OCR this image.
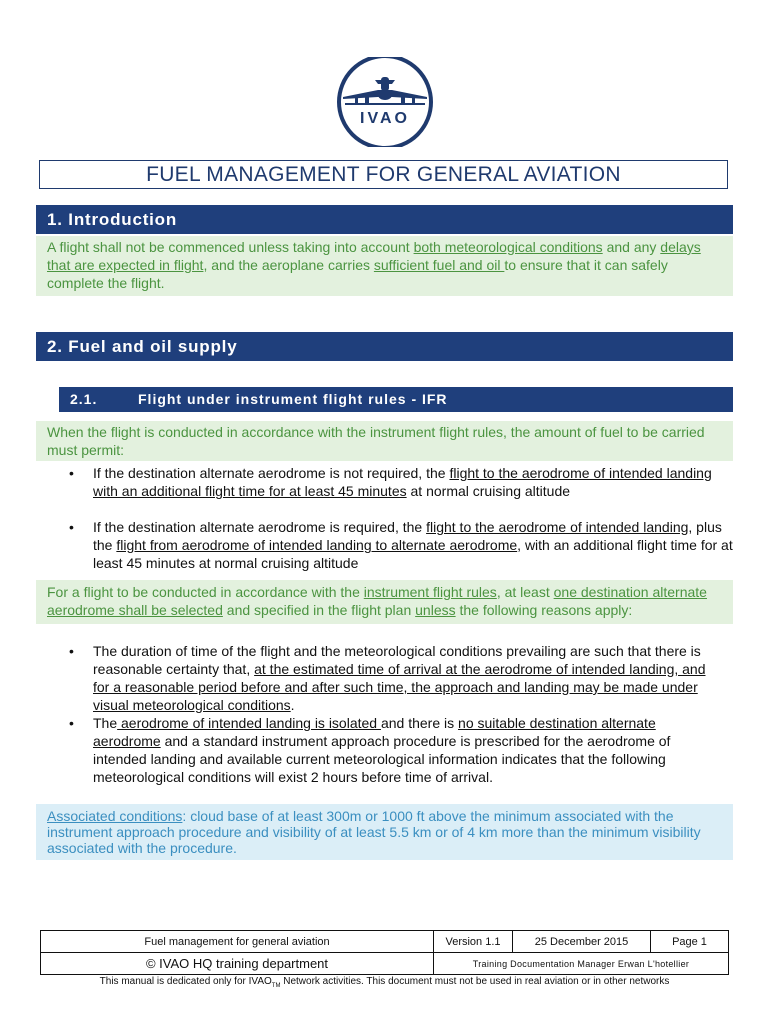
IVAO
FUEL MANAGEMENT FOR GENERAL AVIATION
1. Introduction
A flight shall not be commenced unless taking into account both meteorological conditions and any delays that are expected in flight, and the aeroplane carries sufficient fuel and oil to ensure that it can safely complete the flight.
2. Fuel and oil supply
2.1.	Flight under instrument flight rules - IFR
When the flight is conducted in accordance with the instrument flight rules, the amount of fuel to be carried must permit:
• If the destination alternate aerodrome is not required, the flight to the aerodrome of intended landing with an additional flight time for at least 45 minutes at normal cruising altitude
• If the destination alternate aerodrome is required, the flight to the aerodrome of intended landing, plus the flight from aerodrome of intended landing to alternate aerodrome, with an additional flight time for at least 45 minutes at normal cruising altitude
For a flight to be conducted in accordance with the instrument flight rules, at least one destination alternate aerodrome shall be selected and specified in the flight plan unless the following reasons apply:
• The duration of time of the flight and the meteorological conditions prevailing are such that there is reasonable certainty that, at the estimated time of arrival at the aerodrome of intended landing, and for a reasonable period before and after such time, the approach and landing may be made under visual meteorological conditions.
• The aerodrome of intended landing is isolated and there is no suitable destination alternate aerodrome and a standard instrument approach procedure is prescribed for the aerodrome of intended landing and available current meteorological information indicates that the following meteorological conditions will exist 2 hours before time of arrival.
Associated conditions: cloud base of at least 300m or 1000 ft above the minimum associated with the instrument approach procedure and visibility of at least 5.5 km or of 4 km more than the minimum visibility associated with the procedure.
Fuel management for general aviation	Version 1.1	25 December 2015	Page 1
© IVAO HQ training department	Training Documentation Manager Erwan L'hotellier		
This manual is dedicated only for $IVAO_{TM}$ Network activities. This document must not be used in real aviation or in other networks
